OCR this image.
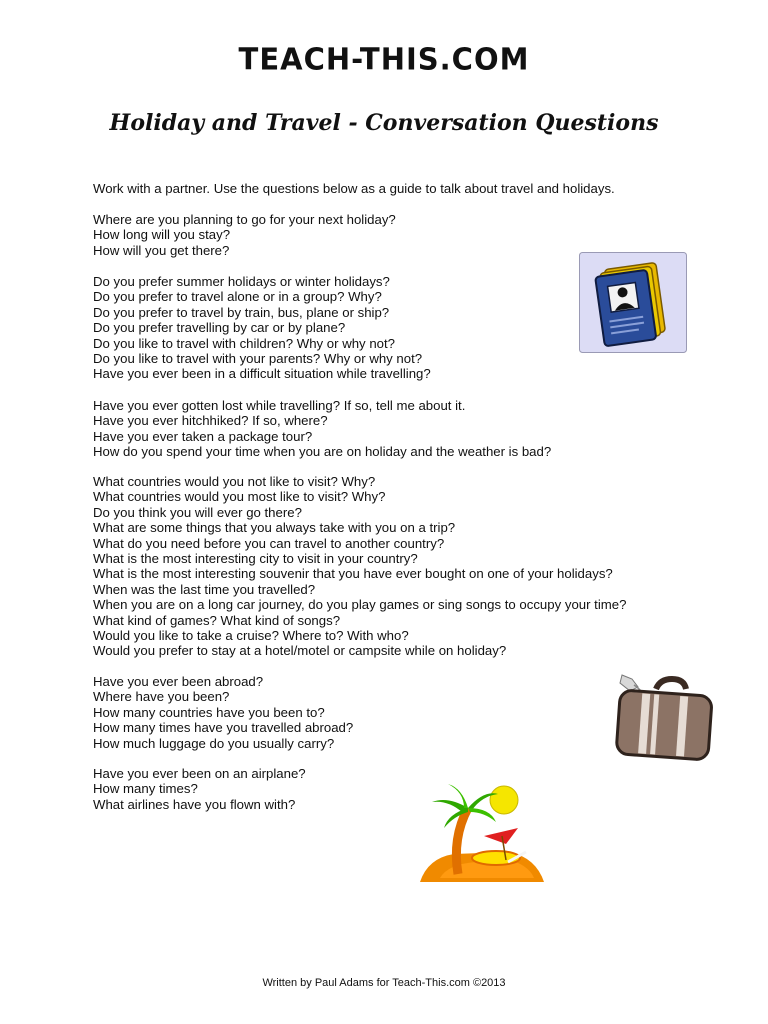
TEACH-THIS.COM
Holiday and Travel - Conversation Questions
Work with a partner. Use the questions below as a guide to talk about travel and holidays.
Where are you planning to go for your next holiday?
How long will you stay?
How will you get there?
Do you prefer summer holidays or winter holidays?
Do you prefer to travel alone or in a group? Why?
Do you prefer to travel by train, bus, plane or ship?
Do you prefer travelling by car or by plane?
Do you like to travel with children? Why or why not?
Do you like to travel with your parents? Why or why not?
Have you ever been in a difficult situation while travelling?
Have you ever gotten lost while travelling? If so, tell me about it.
Have you ever hitchhiked? If so, where?
Have you ever taken a package tour?
How do you spend your time when you are on holiday and the weather is bad?
What countries would you not like to visit? Why?
What countries would you most like to visit? Why?
Do you think you will ever go there?
What are some things that you always take with you on a trip?
What do you need before you can travel to another country?
What is the most interesting city to visit in your country?
What is the most interesting souvenir that you have ever bought on one of your holidays?
When was the last time you travelled?
When you are on a long car journey, do you play games or sing songs to occupy your time?
What kind of games? What kind of songs?
Would you like to take a cruise? Where to? With who?
Would you prefer to stay at a hotel/motel or campsite while on holiday?
Have you ever been abroad?
Where have you been?
How many countries have you been to?
How many times have you travelled abroad?
How much luggage do you usually carry?
Have you ever been on an airplane?
How many times?
What airlines have you flown with?
Written by Paul Adams for Teach-This.com ©2013
